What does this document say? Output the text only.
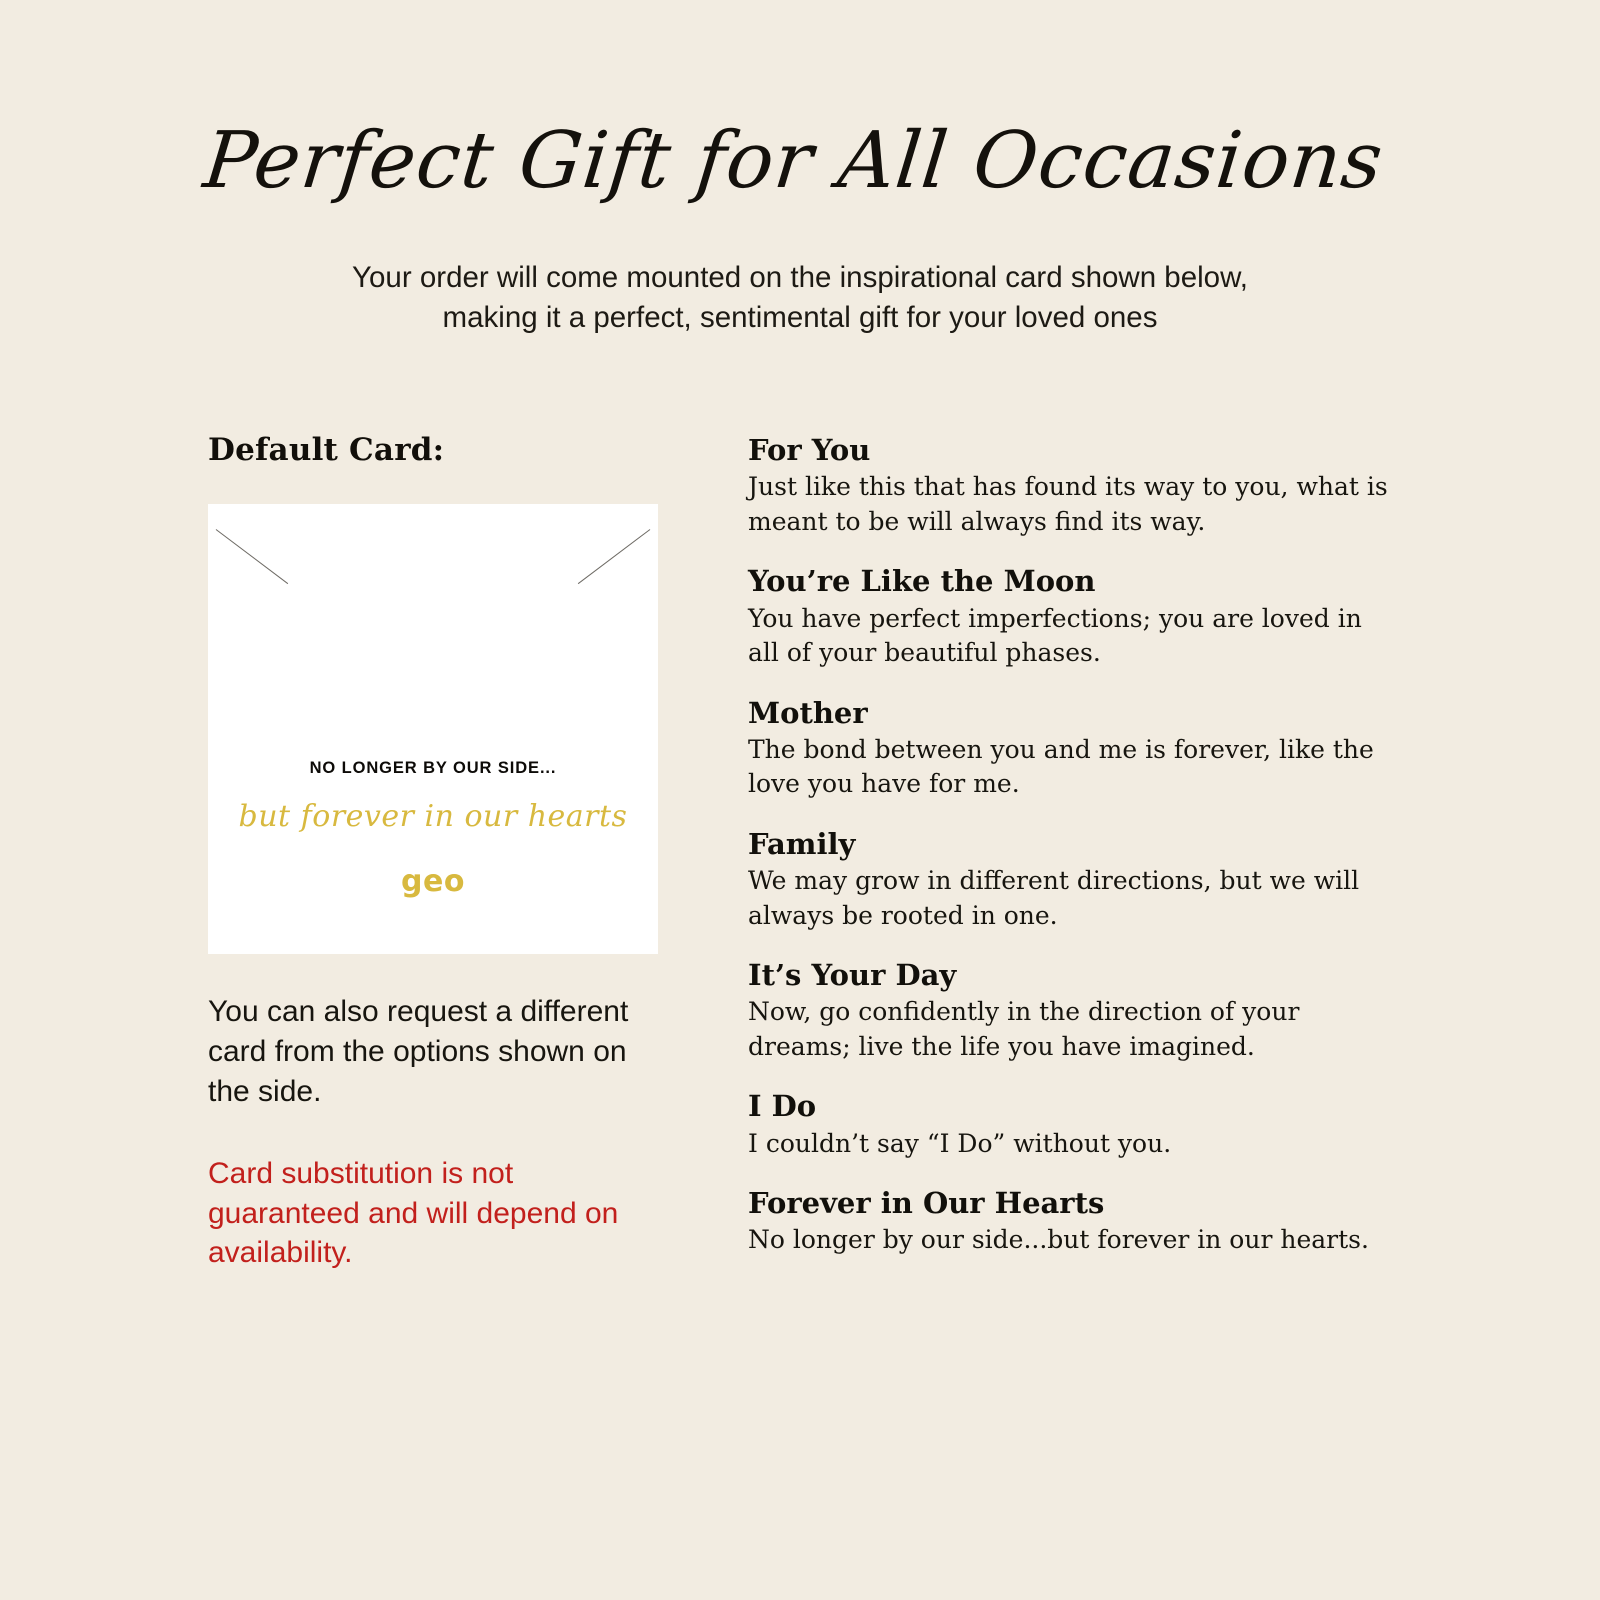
Perfect Gift for All Occasions

Your order will come mounted on the inspirational card shown below,
making it a perfect, sentimental gift for your loved ones

Default Card:
NO LONGER BY OUR SIDE...
but forever in our hearts
geo

You can also request a different card from the options shown on the side.

Card substitution is not guaranteed and will depend on availability.

For You

Just like this that has found its way to you, what is meant to be will always find its way.

You’re Like the Moon

You have perfect imperfections; you are loved in all of your beautiful phases.

Mother

The bond between you and me is forever, like the love you have for me.

Family

We may grow in different directions, but we will always be rooted in one.

It’s Your Day

Now, go confidently in the direction of your dreams; live the life you have imagined.

I Do

I couldn’t say “I Do” without you.

Forever in Our Hearts

No longer by our side...but forever in our hearts.
